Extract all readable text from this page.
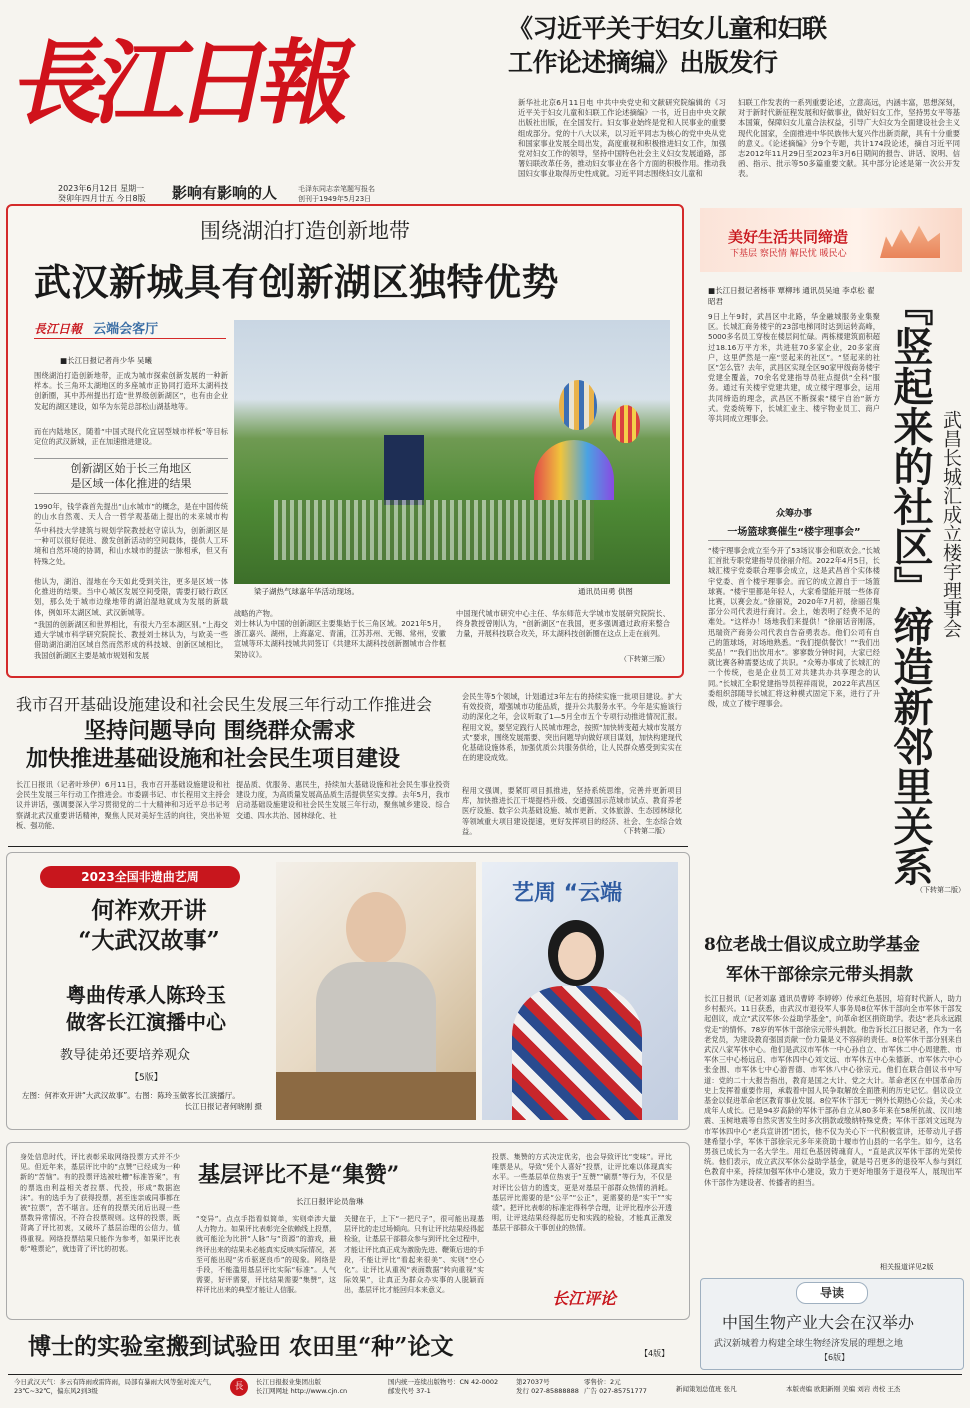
長江日報
2023年6月12日 星期一
癸卯年四月廿五 今日8版 影响有影响的人	毛泽东同志亲笔题写报名
创刊于1949年5月23日
《习近平关于妇女儿童和妇联
工作论述摘编》出版发行
新华社北京6月11日电 中共中央党史和文献研究院编辑的《习近平关于妇女儿童和妇联工作论述摘编》一书，近日由中央文献出版社出版，在全国发行。妇女事业始终是党和人民事业的重要组成部分。党的十八大以来，以习近平同志为核心的党中央从党和国家事业发展全局出发，高度重视和积极推进妇女工作，加强党对妇女工作的领导，坚持中国特色社会主义妇女发展道路，部署妇联改革任务，推动妇女事业在各个方面的积极作用。推动我国妇女事业取得历史性成就。习近平同志围绕妇女儿童和
妇联工作发表的一系列重要论述，立意高远，内涵丰富，思想深刻，对于新时代新征程发展和好做事业，做好妇女工作，坚持男女平等基本国策，保障妇女儿童合法权益，引导广大妇女为全面建设社会主义现代化国家，全面推进中华民族伟大复兴作出新贡献，具有十分重要的意义。《论述摘编》分9个专题，共计174段论述，摘自习近平同志2012年11月29日至2023年3月6日期间的报告、讲话、说明、信函、指示、批示等50多篇重要文献。其中部分论述是第一次公开发表。
围绕湖泊打造创新地带
武汉新城具有创新湖区独特优势
長江日報 云端会客厅
■长江日报记者肖少华 吴曦
围绕湖泊打造创新地带，正成为城市探索创新发展的一种新样本。长三角环太湖地区的多座城市正协同打造环太湖科技创新圈，其中苏州提出打造“世界级创新湖区”，也有由企业发起的湖区建设，如华为东莞总部松山湖基地等。
而在内陆地区，随着“中国式现代化宜居型城市样板”等目标定位的武汉新城，正在加速推进建设。
创新湖区始于长三角地区
是区域一体化推进的结果
1990年，钱学森首先提出“山水城市”的概念，是在中国传统的山水自然观、天人合一哲学观基础上提出的未来城市构
华中科技大学建筑与规划学院教授赵守谅认为，创新湖区是一种可以很好促进、激发创新活动的空间载体，提供人工环境和自然环境的协调，和山水城市的提法一脉相承，但又有特殊之处。
他认为，湖泊、湿地在今天如此受到关注，更多是区域一体化推进的结果。当中心城区发展空间受限，需要打破行政区划，那么处于城市边缘地带的湖泊湿地就成为发展的新载体，例如环太湖区域、武汉新城等。
“我国的创新湖区和世界相比，有很大乃至本湖区别。”上海交通大学城市科学研究院院长、教授刘士林认为，与欧美一些借助湖泊湖泊区域自然而然形成的科技城、创新区域相比，我国创新湖区主要是城市规划和发展
梁子湖热气球嘉年华活动现场。	通讯员田勇 供图
战略的产物。
刘士林认为中国的创新湖区主要集始于长三角区域。2021年5月，浙江嘉兴、湖州，上海嘉定、青浦，江苏苏州、无锡、常州，安徽宣城等环太湖科技城共同签订《共建环太湖科技创新圈城市合作框架协议》。
中国现代城市研究中心主任、华东师范大学城市发展研究院院长、终身教授曾刚认为，“创新湖区”在我国，更多强调通过政府来整合力量，开展科技联合攻关，环太湖科技创新圈在这点上走在前列。
（下转第三版）
美好生活共同缔造
下基层 察民情 解民忧 暖民心
■长江日报记者杨菲 覃柳玮 通讯员吴迪 李卓松 翟昭君	『竖起来的社区』缔造新邻里关系 武昌长城汇成立楼宇理事会
9日上午9时，武昌区中北路，华金融城服务业集聚区。长城汇商务楼宇的23部电梯同时达到运转高峰，5000多名员工穿梭在楼层间忙碌。两栋楼建筑面积超过18.16万平方米，共进驻70多家企业，20多家商户，这里俨然是一座“竖起来的社区”。“竖起来的社区”怎么管？去年，武昌区实现全区90家甲级商务楼宇党建全覆盖，70余名党建指导员驻点提供“全科”服务。通过有关楼宇党建共建，成立楼宇理事会，运用共同缔造的理念，武昌区不断探索“楼宇自治”新方式。党委统筹下，长城汇业主、楼宇物业员工、商户等共同成立理事会。
众筹办事
一场篮球赛催生“楼宇理事会”
“楼宇理事会成立至今开了53场议事会和联欢会。”长城汇首批专职党建指导员徐丽介绍。2022年4月5日，长城汇楼宇党委联合理事会成立，这是武昌首个实体楼宇党委、首个楼宇理事会。而它的成立源自于一场篮球赛。“楼宇里都是年轻人，大家希望能开展一些体育比赛，以赛会友。”徐丽说，2020年7月初，徐丽召集部分公司代表进行商讨。会上，她表明了经费不足的难处。“这样办！场地我们来提供！”徐丽话音刚落，迅瑞资产商务公司代表自告奋勇表态。他们公司有自己的篮球场，对场地熟悉。“我们提供餐饮！”“我们出奖品！”“我们出饮用水”。寥寥数分钟时间，大家已经就比赛各种需要达成了共识。“众筹办事成了长城汇的一个传统，也是企业员工对共建共办共享理念的认同。”长城汇全职党建指导员程祥雨说，2022年武昌区委组织部随导长城汇将这种模式固定下来，进行了升级，成立了楼宇理事会。
（下转第二版）
我市召开基础设施建设和社会民生发展三年行动工作推进会
坚持问题导向 围绕群众需求
加快推进基础设施和社会民生项目建设
长江日报讯（记者叶珍伊）6月11日，我市召开基础设施建设和社会民生发展三年行动工作推进会。市委副书记、市长程用文主持会议并讲话，强调要深入学习贯彻党的二十大精神和习近平总书记考察湖北武汉重要讲话精神，聚焦人民对美好生活的向往，突出补短板、强功能、
提品质、优服务、惠民生，持续加大基础设施和社会民生事业投资建设力度，为高质量发展高品质生活提供坚实支撑。去年5月，我市启动基础设施建设和社会民生发展三年行动，聚焦城乡建设、综合交通、四水共治、园林绿化、社
会民生等5个领域，计划通过3年左右的持续实施一批项目建设。扩大有效投资，增强城市功能品质，提升公共服务水平。今年是实施该行动的深化之年，会议听取了1—5月全市五个专项行动推进情况汇报。程用文说，要坚定践行人民城市理念，按照“加快转变超大城市发展方式”要求，围绕发展需要、突出问题导向做好项目谋划，加快构建现代化基础设施体系，加强优质公共服务供给，让人民群众感受到实实在在的建设成效。
程用文强调，要紧盯项目抓推进，坚持系统思维，完善并更新项目库，加快推进长江干堤提档升级、交通强国示范城市试点、教育养老医疗设施、数字公共基础设施、城市更新、文体旅游、生态园林绿化等领域重大项目建设提速，更好发挥项目的经济、社会、生态综合效益。	（下转第二版）
2023全国非遗曲艺周
何祚欢开讲
“大武汉故事”
粤曲传承人陈玲玉
做客长江演播中心
教导徒弟还要培养观众
【5版】
左图：何祚欢开讲“大武汉故事”。右图：陈玲玉做客长江演播厅。
长江日报记者何晓刚 摄
艺周 “云端
8位老战士倡议成立助学基金
军休干部徐宗元带头捐款
长江日报讯（记者刘嘉 通讯员曹婷 李婷婷）传承红色基因，培育时代新人，助力乡村振兴。11日获悉，由武汉市退役军人事务局8位军休干部向全市军休干部发起倡议，成立“武汉军休·公益助学基金”，向革命老区捐资助学。表达“老兵永远跟党走”的情怀。78岁的军休干部徐宗元带头捐款。他告诉长江日报记者，作为一名老党员，为建设教育强国贡献一份力量是义不容辞的责任。8位军休干部分别来自武汉八家军休中心。他们是武汉市军休一中心孙自立、市军休二中心周建胜、市军休三中心杨远启、市军休四中心刘文远、市军休五中心朱德新、市军休六中心张金围、市军休七中心游晋德、市军休八中心徐宗元。他们在联合倡议书中写道：党的二十大报告指出，教育是国之大计、党之大计。革命老区在中国革命历史上发挥着重要作用，承载着中国人民争取解放全面胜利的历史记忆。倡议设立基金以促进革命老区教育事业发展。8位军休干部无一例外长期热心公益，关心未成年人成长。已是94岁高龄的军休干部孙自立从80多年来在58所抗战、汉川地震、玉树地震等自然灾害发生时多次捐款或缴纳特殊党费；军休干部刘文远现为市军休四中心“老兵宣讲团”团长，他不仅为关心下一代积极宣讲，还带动儿子搭建希望小学，军休干部徐宗元多年来资助十堰市竹山县的一名学生。如今，这名男孩已成长为一名大学生。用红色基因铸魂育人，“直是武汉军休干部的光荣传统。他们表示，成立武汉军休公益助学基金，就是号召更多的退役军人参与到红色教育中来，持续加强军休中心建设，致力于更好地服务于退役军人，展现出军休干部作为建设者、传播者的担当。
相关报道详见2版
身处信息时代，评比表彰采取网络投票方式并不少见。但近年来，基层评比中的“点赞”已经成为一种新的“苦恼”。有的投票评选被吐槽“标准答案”，有的票选由利益相关者拉票、代投，形成“数据泡沫”。有的选手为了获得投票，甚至连亲戚同事都在被“拉票”，苦不堪言。还有的投票关闭后出现一些票数异常情况，不符合投票规则。这样的投票，既背离了评比初衷，又破坏了基层治理的公信力，值得重视。网络投票结果只能作为参考，如果评比表彰“唯票论”，就违背了评比的初衷。
基层评比不是“集赞”
长江日报评论员詹琳
“变异”。点点手指看似简单，实则牵涉大量人力物力。如果评比表彰完全依赖线上投票，就可能沦为比拼“人脉”与“资源”的游戏，最终评出来的结果未必能真实反映实际情况，甚至可能出现“劣币驱逐良币”的现象。网络是手段，不能滥用基层评比实际“标准”。人气需要，好评需要，评比结果需要“集赞”，这样评比出来的典型才能让人信服。
关键在于，上下“一把尺子”，很可能出现基层评比的走过场倾向。只有让评比结果经得起检验，让基层干部群众参与到评比全过程中，才能让评比真正成为激励先进、鞭策后进的手段，不能让评比“看起来很美”、实则“空心化”。让评比从重视“表面数据”转向重视“实际效果”，让真正为群众办实事的人脱颖而出，基层评比才能回归本来意义。
投票、集赞的方式决定优劣，也会导致评比“变味”。评比唯票是从，导致“凭个人喜好”投票，让评比难以体现真实水平。一些基层单位热衷于“互赞”“刷票”等行为，不仅是对评比公信力的透支，更是对基层干部群众热情的消耗。基层评比需要的是“公平”“公正”，更需要的是“实干”“实绩”。把评比表彰的标准定得科学合理，让评比程序公开透明，让评选结果经得起历史和实践的检验，才能真正激发基层干部群众干事创业的热情。
长江评论
博士的实验室搬到试验田 农田里“种”论文	【4版】
导读
中国生物产业大会在汉举办
武汉新城着力构建全球生物经济发展的理想之地
【6版】
今日武汉天气：多云有阵雨或雷阵雨，局部有暴雨大风等强对流天气，23℃~32℃，偏东风2到3级	長	长江日报报业集团出版
长江网网址 http://www.cjn.cn
国内统一连续出版物号：CN 42-0002
邮发代号 37-1
第27037号
发行 027-85888888
零售价：2元
广告 027-85751777	新闻策划总值班 张凡	本版责编 欧阳新刚 美编 刘岩 责校 王杰
